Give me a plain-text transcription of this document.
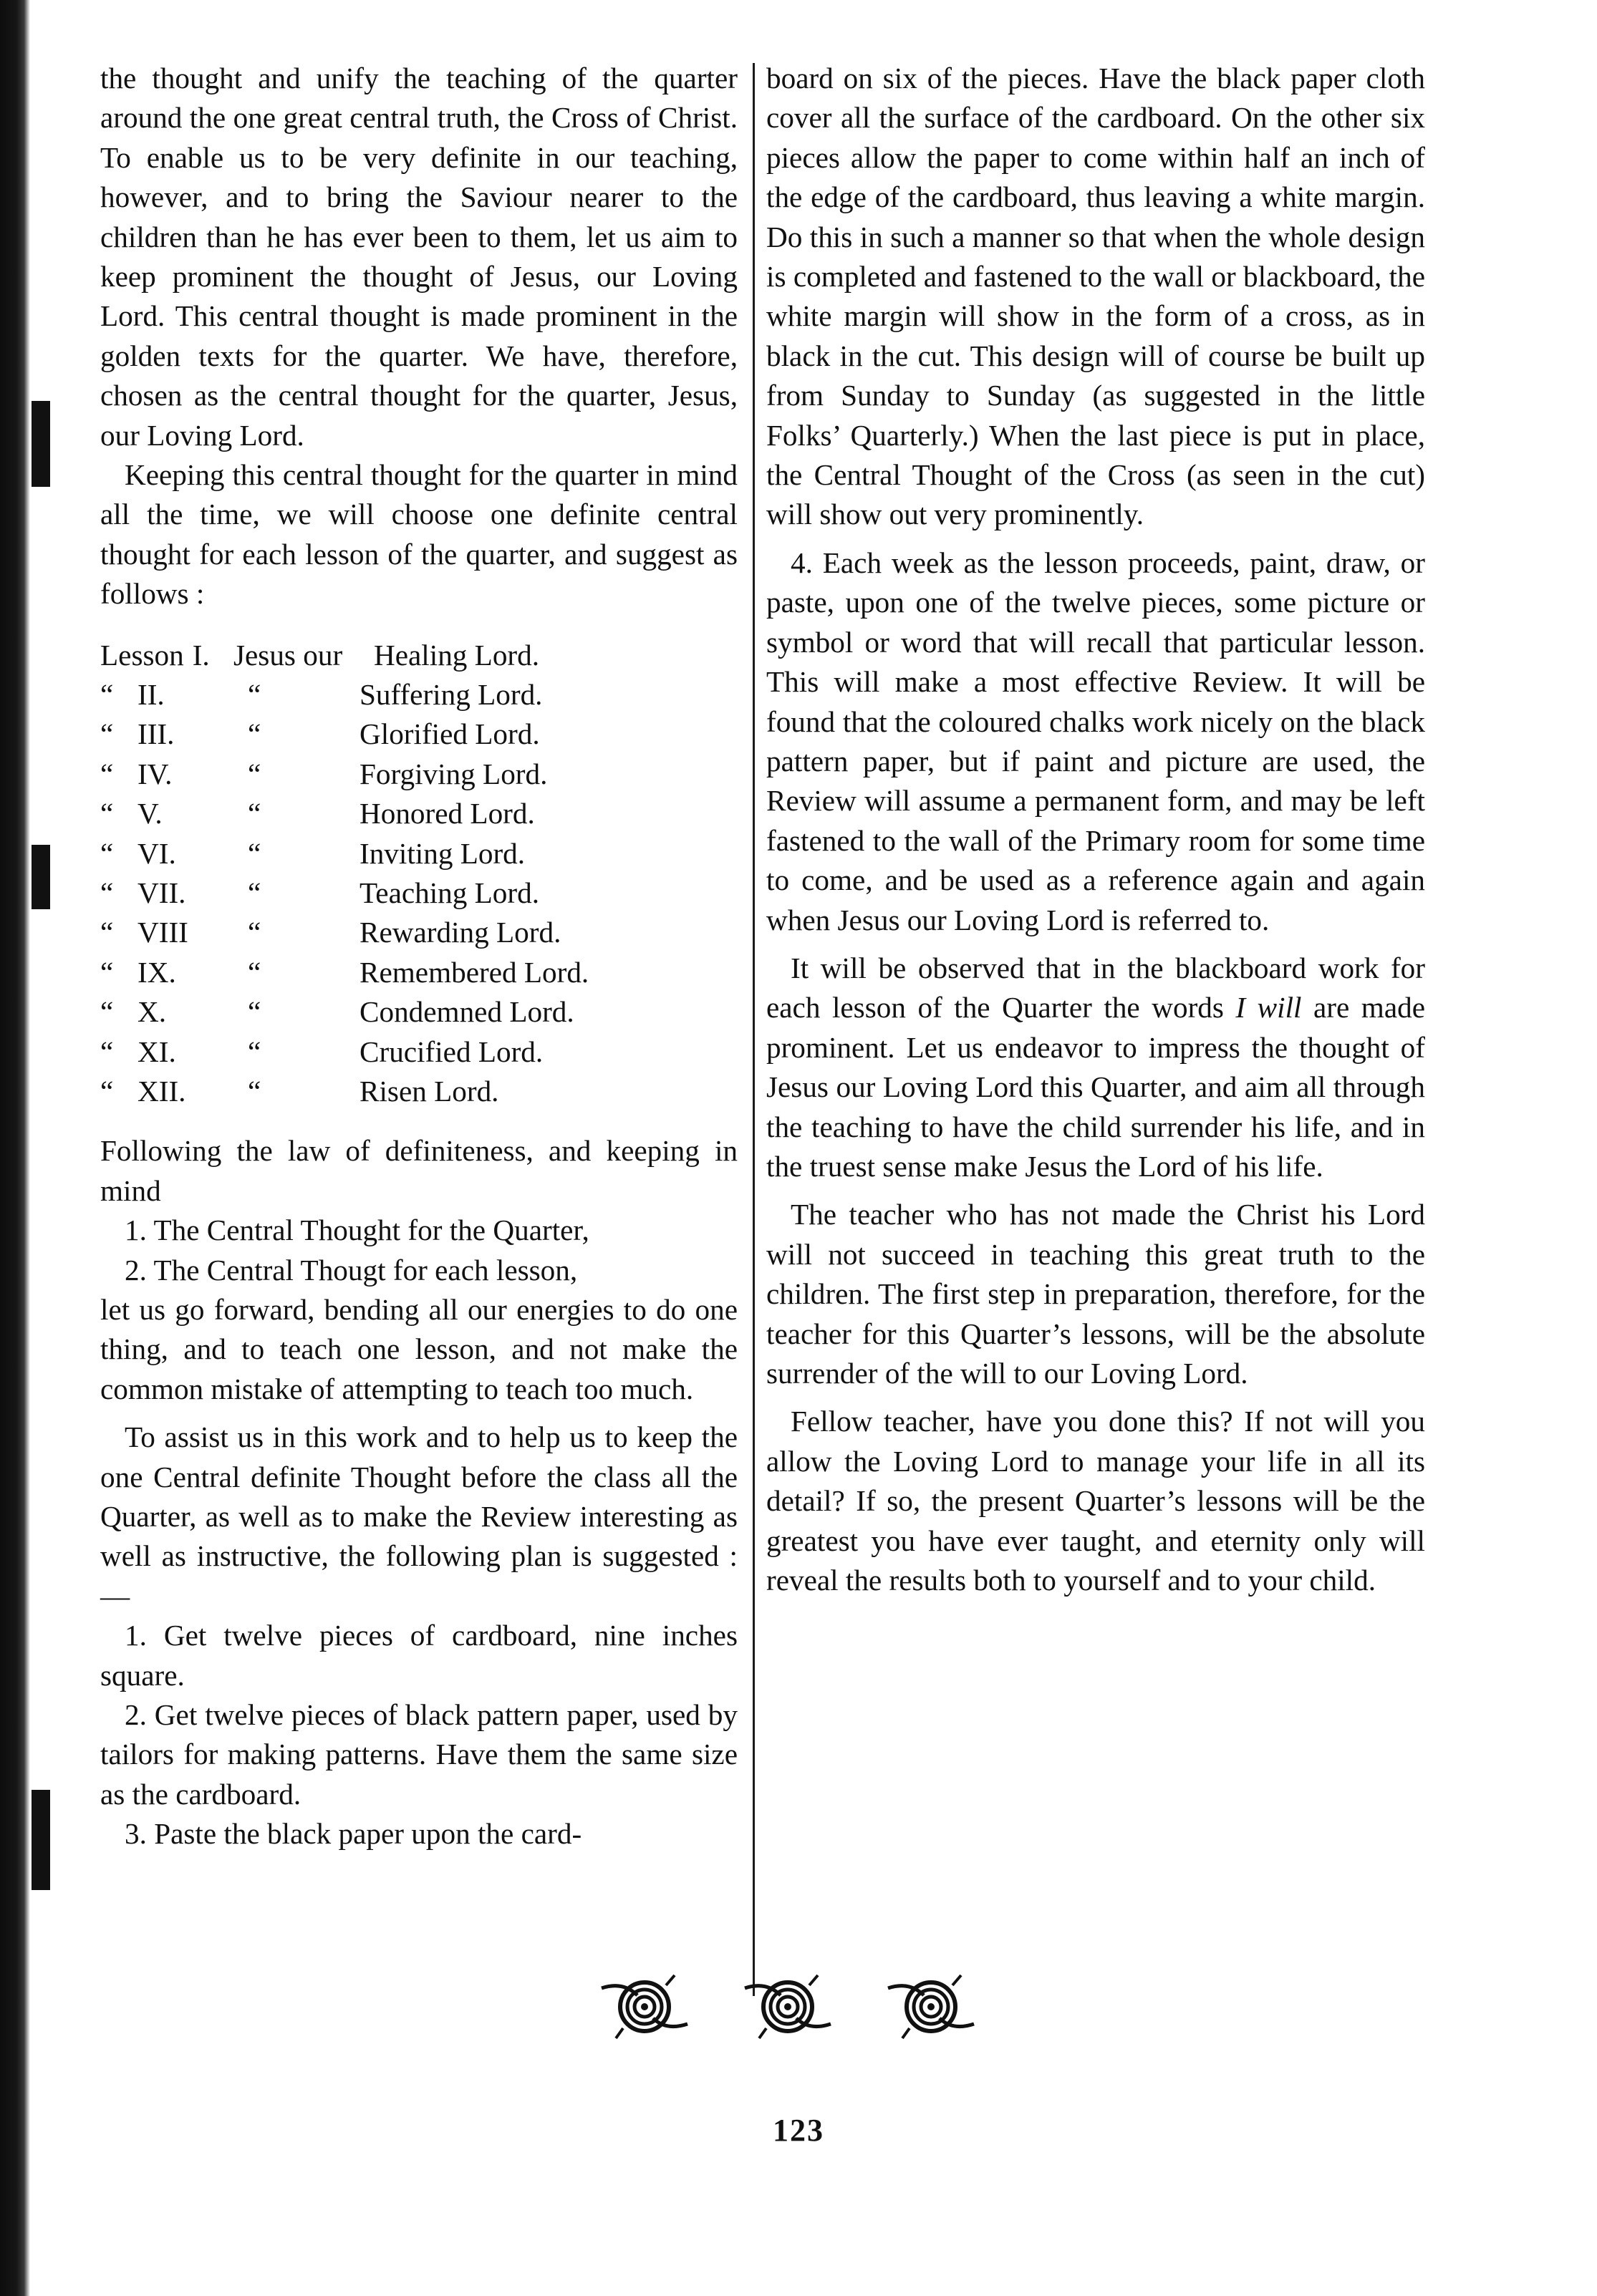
the thought and unify the teaching of the quarter around the one great central truth, the Cross of Christ. To enable us to be very definite in our teaching, however, and to bring the Saviour nearer to the children than he has ever been to them, let us aim to keep prominent the thought of Jesus, our Loving Lord. This central thought is made prominent in the golden texts for the quarter. We have, therefore, chosen as the central thought for the quarter, Jesus, our Loving Lord.

Keeping this central thought for the quarter in mind all the time, we will choose one definite central thought for each lesson of the quarter, and suggest as follows :

Lesson I. Jesus our	Healing Lord.
“ II.	“	Suffering Lord.
“ III.	“	Glorified Lord.
“ IV.	“	Forgiving Lord.
“ V.	“	Honored Lord.
“ VI.	“	Inviting Lord.
“ VII.	“	Teaching Lord.
“ VIII	“	Rewarding Lord.
“ IX.	“	Remembered Lord.
“ X.	“	Condemned Lord.
“ XI.	“	Crucified Lord.
“ XII.	“	Risen Lord.

Following the law of definiteness, and keeping in mind

1. The Central Thought for the Quarter,

2. The Central Thougt for each lesson,

let us go forward, bending all our energies to do one thing, and to teach one lesson, and not make the common mistake of attempting to teach too much.

To assist us in this work and to help us to keep the one Central definite Thought before the class all the Quarter, as well as to make the Review interesting as well as instructive, the following plan is suggested :—

1. Get twelve pieces of cardboard, nine inches square.

2. Get twelve pieces of black pattern paper, used by tailors for making patterns. Have them the same size as the cardboard.

3. Paste the black paper upon the card-

board on six of the pieces. Have the black paper cloth cover all the surface of the cardboard. On the other six pieces allow the paper to come within half an inch of the edge of the cardboard, thus leaving a white margin. Do this in such a manner so that when the whole design is completed and fastened to the wall or blackboard, the white margin will show in the form of a cross, as in black in the cut. This design will of course be built up from Sunday to Sunday (as suggested in the little Folks’ Quarterly.) When the last piece is put in place, the Central Thought of the Cross (as seen in the cut) will show out very prominently.

4. Each week as the lesson proceeds, paint, draw, or paste, upon one of the twelve pieces, some picture or symbol or word that will recall that particular lesson. This will make a most effective Review. It will be found that the coloured chalks work nicely on the black pattern paper, but if paint and picture are used, the Review will assume a permanent form, and may be left fastened to the wall of the Primary room for some time to come, and be used as a reference again and again when Jesus our Loving Lord is referred to.

It will be observed that in the blackboard work for each lesson of the Quarter the words I will are made prominent. Let us endeavor to impress the thought of Jesus our Loving Lord this Quarter, and aim all through the teaching to have the child surrender his life, and in the truest sense make Jesus the Lord of his life.

The teacher who has not made the Christ his Lord will not succeed in teaching this great truth to the children. The first step in preparation, therefore, for the teacher for this Quarter’s lessons, will be the absolute surrender of the will to our Loving Lord.

Fellow teacher, have you done this? If not will you allow the Loving Lord to manage your life in all its detail? If so, the present Quarter’s lessons will be the greatest you have ever taught, and eternity only will reveal the results both to yourself and to your child.

123
